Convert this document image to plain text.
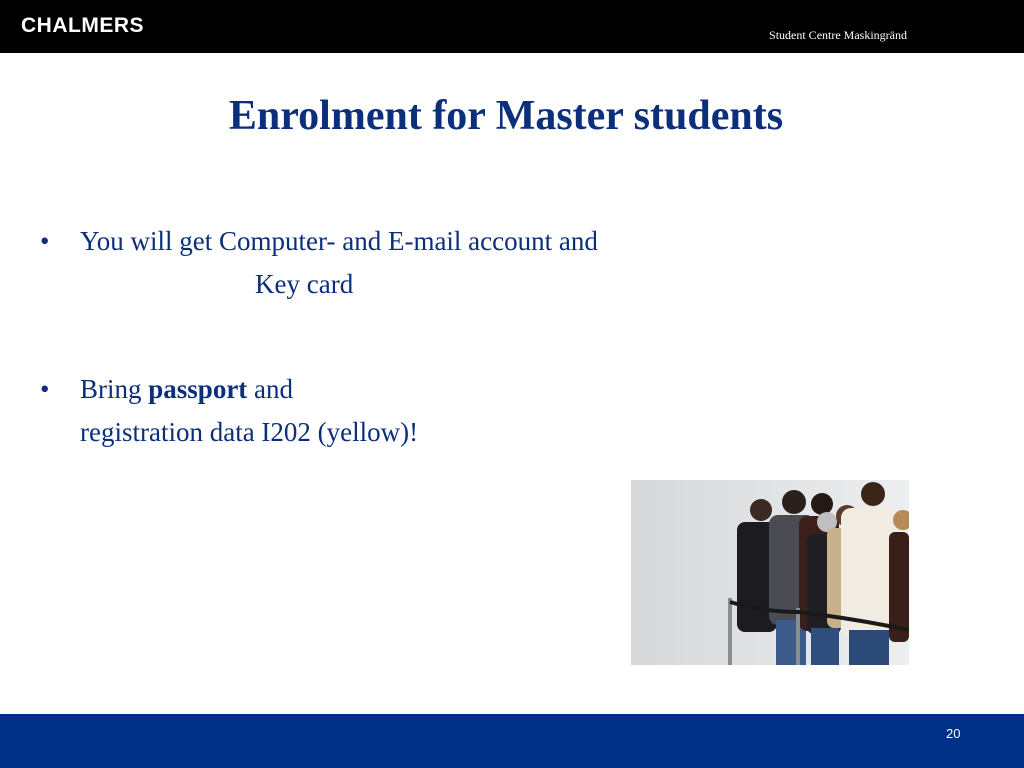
CHALMERS	Student Centre Maskingränd
Enrolment for Master students
• You will get Computer- and E-mail account and
Key card
• Bring passport and
registration data I202 (yellow)!
20
